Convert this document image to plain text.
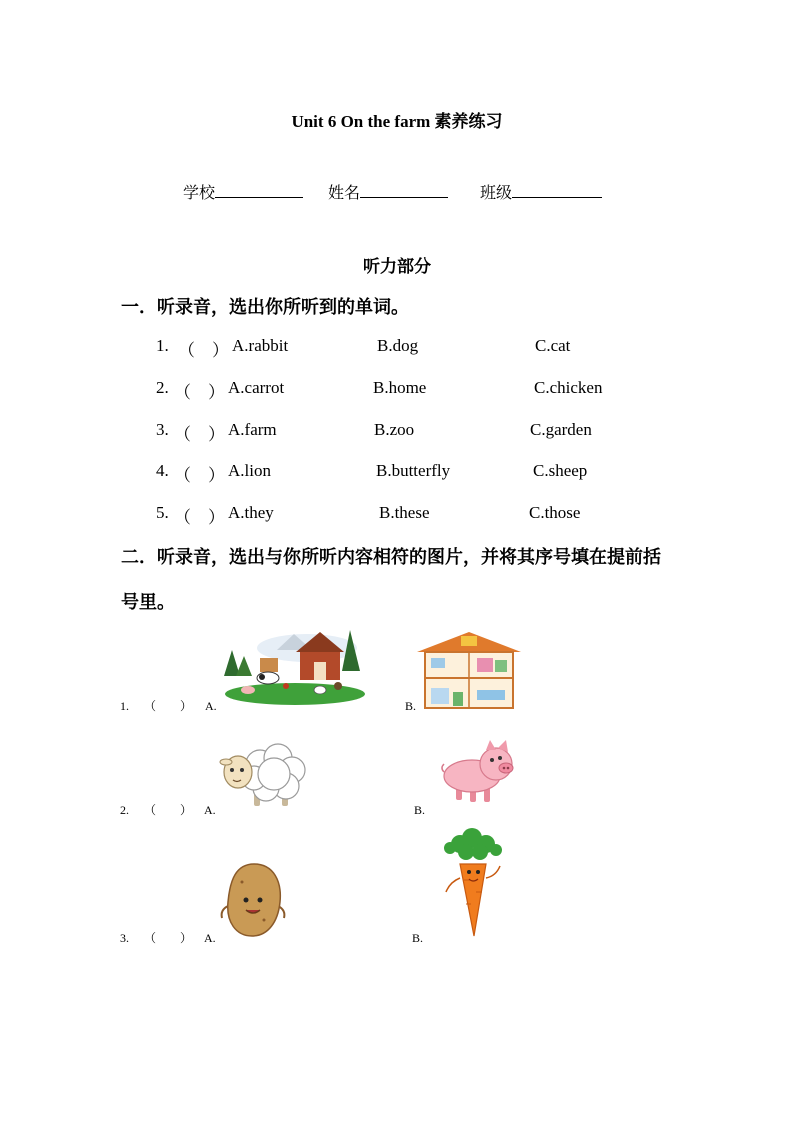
Unit 6 On the farm 素养练习
学校	姓名	班级
听力部分
一．听录音，选出你所听到的单词。
1. （　） A.rabbit	B.dog	C.cat
2. （　） A.carrot	B.home	C.chicken
3. （　） A.farm	B.zoo	C.garden
4. （　） A.lion	B.butterfly	C.sheep
5. （　） A.they	B.these	C.those
二．听录音，选出与你所听内容相符的图片，并将其序号填在提前括
号里。
1. （　　） A.	B.
2. （　　） A.	B.
3. （　　） A.	B.
